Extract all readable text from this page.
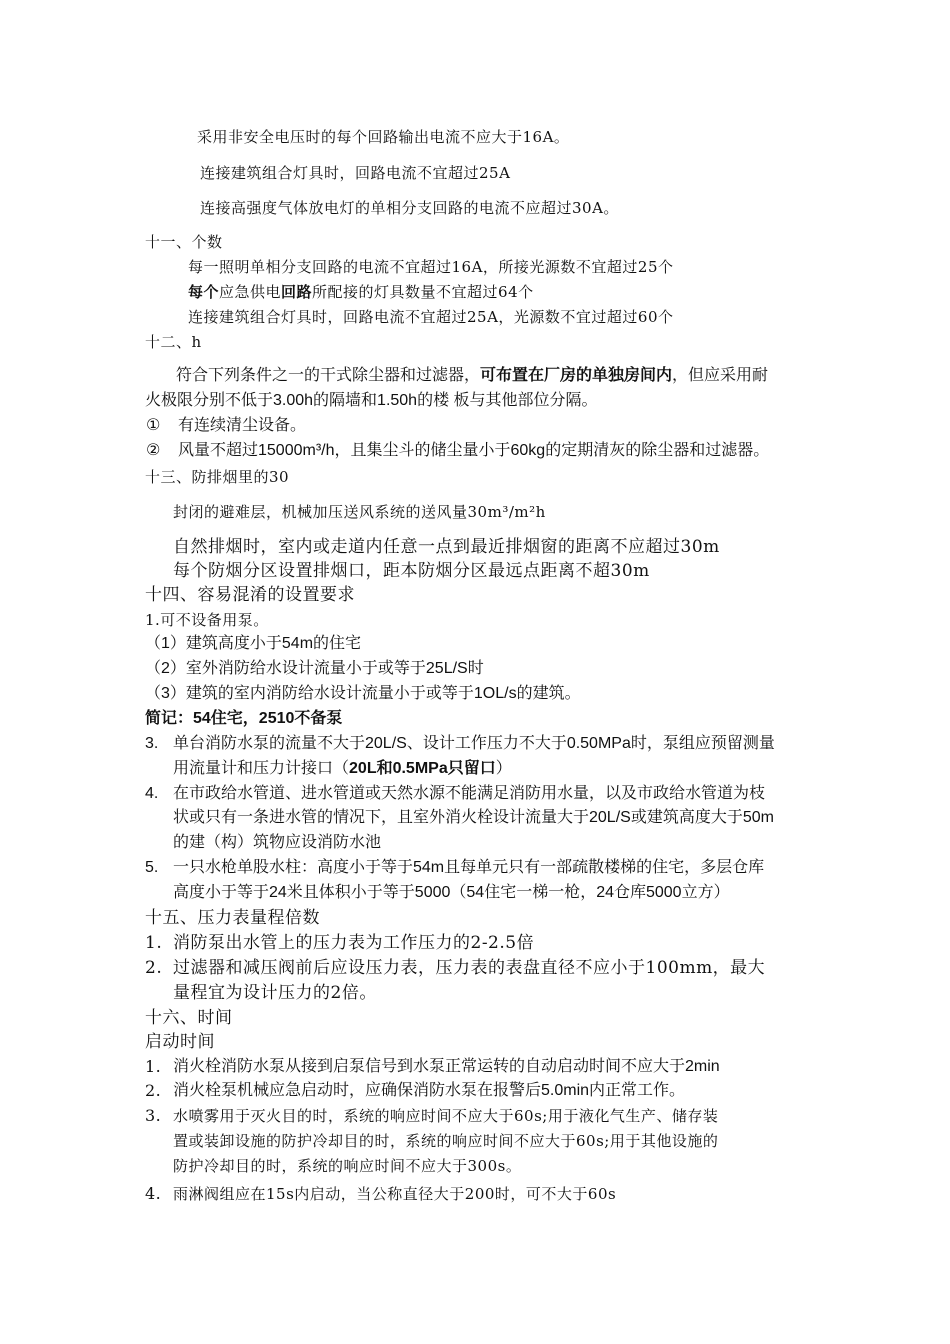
采用非安全电压时的每个回路输出电流不应大于16A。
连接建筑组合灯具时，回路电流不宜超过25A
连接高强度气体放电灯的单相分支回路的电流不应超过30A。
十一、个数
每一照明单相分支回路的电流不宜超过16A，所接光源数不宜超过25个
每个应急供电回路所配接的灯具数量不宜超过64个
连接建筑组合灯具时，回路电流不宜超过25A，光源数不宜过超过60个
十二、h
符合下列条件之一的干式除尘器和过滤器，可布置在厂房的单独房间内，但应采用耐
火极限分别不低于3.00h的隔墙和1.50h的楼 板与其他部位分隔。
① 有连续清尘设备。
② 风量不超过15000m³/h，且集尘斗的储尘量小于60kg的定期清灰的除尘器和过滤器。
十三、防排烟里的30
封闭的避难层，机械加压送风系统的送风量30m³/m²h
自然排烟时，室内或走道内任意一点到最近排烟窗的距离不应超过30m
每个防烟分区设置排烟口，距本防烟分区最远点距离不超30m
十四、容易混淆的设置要求
1.可不设备用泵。
（1）建筑高度小于54m的住宅
（2）室外消防给水设计流量小于或等于25L/S时
（3）建筑的室内消防给水设计流量小于或等于1OL/s的建筑。
简记：54住宅，2510不备泵
3. 单台消防水泵的流量不大于20L/S、设计工作压力不大于0.50MPa时，泵组应预留测量
用流量计和压力计接口（20L和0.5MPa只留口）
4. 在市政给水管道、进水管道或天然水源不能满足消防用水量，以及市政给水管道为枝
状或只有一条进水管的情况下，且室外消火栓设计流量大于20L/S或建筑高度大于50m
的建（构）筑物应设消防水池
5. 一只水枪单股水柱：高度小于等于54m且每单元只有一部疏散楼梯的住宅，多层仓库
高度小于等于24米且体积小于等于5000（54住宅一梯一枪，24仓库5000立方）
十五、压力表量程倍数
1. 消防泵出水管上的压力表为工作压力的2-2.5倍
2. 过滤器和减压阀前后应设压力表，压力表的表盘直径不应小于100mm，最大
量程宜为设计压力的2倍。
十六、时间
启动时间
1. 消火栓消防水泵从接到启泵信号到水泵正常运转的自动启动时间不应大于2min
2. 消火栓泵机械应急启动时，应确保消防水泵在报警后5.0min内正常工作。
3. 水喷雾用于灭火目的时，系统的响应时间不应大于60s;用于液化气生产、储存装
置或装卸设施的防护冷却目的时，系统的响应时间不应大于60s;用于其他设施的
防护冷却目的时，系统的响应时间不应大于300s。
4. 雨淋阀组应在15s内启动，当公称直径大于200时，可不大于60s
